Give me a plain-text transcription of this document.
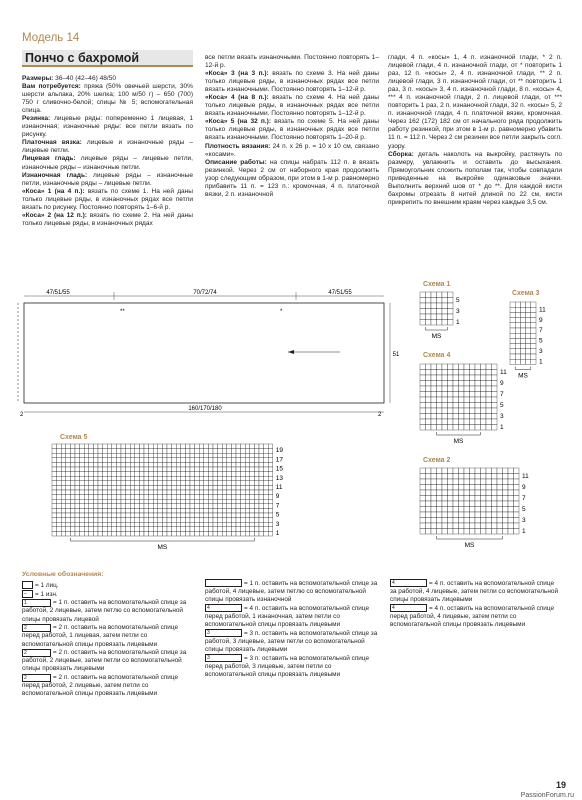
Модель 14
Пончо с бахромой

Размеры: 36–40 (42–46) 48/50

Вам потребуется: пряжа (50% овечьей шерсти, 30% шерсти альпака, 20% шелка; 100 м/50 г) – 650 (700) 750 г сливочно-белой; спицы № 5; вспомогательная спица.

Резинка: лицевые ряды: попеременно 1 лицевая, 1 изнаночная; изнаночные ряды: все петли вязать по рисунку.

Платочная вязка: лицевые и изнаночные ряды – лицевые петли.

Лицевая гладь: лицевые ряды – лицевые петли, изнаночные ряды – изнаночные петли.

Изнаночная гладь: лицевые ряды – изнаночные петли, изнаночные ряды – лицевые петли.

«Коса» 1 (на 4 п.): вязать по схеме 1. На ней даны только лицевые ряды, в изнаночных рядах все петли вязать по рисунку. Постоянно повторять 1–6-й р.

«Коса» 2 (на 12 п.): вязать по схеме 2. На ней даны только лицевые ряды, в изнаночных рядах

все петли вязать изнаночными. Постоянно повторять 1–12-й р.

«Коса» 3 (на 3 п.): вязать по схеме 3. На ней даны только лицевые ряды, в изнаночных рядах все петли вязать изнаночными. Постоянно повторять 1–12-й р.

«Коса» 4 (на 8 п.): вязать по схеме 4. На ней даны только лицевые ряды, в изнаночных рядах все петли вязать изнаночными. Постоянно повторять 1–12-й р.

«Коса» 5 (на 32 п.): вязать по схеме 5. На ней даны только лицевые ряды, в изнаночных рядах все петли вязать изнаночными. Постоянно повторять 1–20-й р.

Плотность вязания: 24 п. x 26 р. = 10 x 10 см, связано «косами».

Описание работы: на спицы набрать 112 п. в вязать резинкой. Через 2 см от наборного края продолжить узор следующим образом, при этом в 1-м р. равномерно прибавить 11 п. = 123 п.: кромочная, 4 п. платочной вязки, 2 п. изнаночной

глади, 4 п. «косы» 1, 4 п. изнаночной глади, * 2 п. лицевой глади, 4 п. изнаночной глади, от * повторить 1 раз, 12 п. «косы» 2, 4 п. изнаночной глади, ** 2 п. лицевой глади, 3 п. изнаночной глади, от ** повторить 1 раз, 3 п. «косы» 3, 4 п. изнаночной глади, 8 п. «косы» 4, *** 4 п. изнаночной глади, 2 п. лицевой глади, от *** повторить 1 раз, 2 п. изнаночной глади, 32 п. «косы» 5, 2 п. изнаночной глади, 4 п. платочной вязки, кромочная. Через 162 (172) 182 см от начального ряда продолжить работу резинкой, при этом в 1-м р. равномерно убавить 11 п. = 112 п. Через 2 см резинки все петли закрыть согл. узору.

Сборка: деталь наколоть на выкройку, растянуть по размеру, увлажнить и оставить до высыхания. Прямоугольник сложить пополам так, чтобы совпадали приведенные на выкройке одинаковые значки. Выполнить верхний шов от * до **. Для каждой кисти бахромы отрезать 8 нитей длиной по 22 см, кисти прикрепить по внешним краям через каждые 3,5 см.

**	*
47/51/55	70/72/74	47/51/55
160/170/180
51
2	2
Схема 1
5
3
1
MS
Схема 3
11
9
7
5
3
1
MS
Схема 4
11
9
7
5
3
1
MS
Схема 5
19
17
15
13
11
9
7
5
3
1
MS
Схема 2
11
9
7
5
3
1
MS
Условные обозначения:
= 1 лиц.
– = 1 изн.
1	= 1 п. оставить на вспомогательной спице за работой, 2 лицевые, затем петлю со вспомогательной спицы провязать лицевой
2	= 2 п. оставить на вспомогательной спице перед работой, 1 лицевая, затем петли со вспомогательной спицы провязать лицевыми
2	= 2 п. оставить на вспомогательной спице за работой, 2 лицевые, затем петли со вспомогательной спицы провязать лицевыми
2	= 2 п. оставить на вспомогательной спице перед работой, 2 лицевые, затем петли со вспомогательной спицы провязать лицевыми
= 1 п. оставить на вспомогательной спице за работой, 4 лицевые, затем петлю со вспомогательной спицы провязать изнаночной
4	= 4 п. оставить на вспомогательной спице перед работой, 1 изнаночная, затем петли со вспомогательной спицы провязать лицевыми
3	= 3 п. оставить на вспомогательной спице за работой, 3 лицевые, затем петли со вспомогательной спицы провязать лицевыми
3	= 3 п. оставить на вспомогательной спице перед работой, 3 лицевые, затем петли со вспомогательной спицы провязать лицевыми
4	= 4 п. оставить на вспомогательной спице за работой, 4 лицевые, затем петли со вспомогательной спицы провязать лицевыми
4	= 4 п. оставить на вспомогательной спице перед работой, 4 лицевые, затем петли со вспомогательной спицы провязать лицевыми
19
PassionForum.ru
